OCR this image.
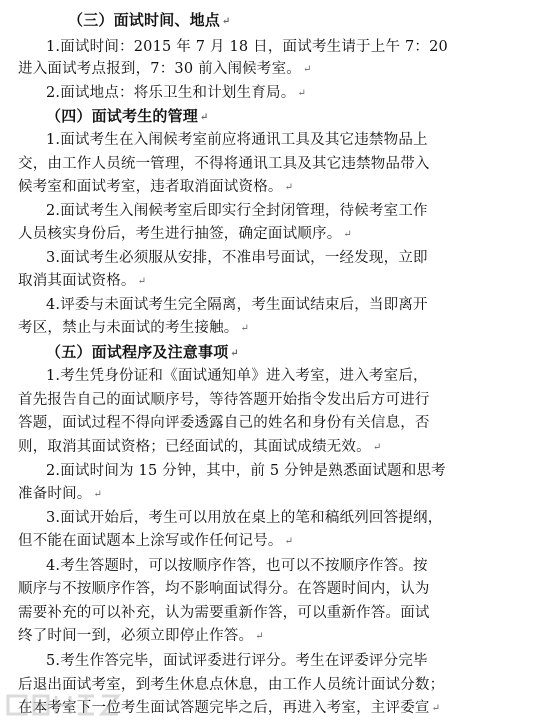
（三）面试时间、地点 ↵
1.面试时间：2015 年 7 月 18 日，面试考生请于上午 7：20
进入面试考点报到，7：30 前入闱候考室。 ↵
2.面试地点：将乐卫生和计划生育局。 ↵
（四）面试考生的管理 ↵
1.面试考生在入闱候考室前应将通讯工具及其它违禁物品上
交，由工作人员统一管理，不得将通讯工具及其它违禁物品带入
候考室和面试考室，违者取消面试资格。 ↵
2.面试考生入闱候考室后即实行全封闭管理，待候考室工作
人员核实身份后，考生进行抽签，确定面试顺序。 ↵
3.面试考生必须服从安排，不准串号面试，一经发现，立即
取消其面试资格。 ↵
4.评委与未面试考生完全隔离，考生面试结束后，当即离开
考区，禁止与未面试的考生接触。 ↵
（五）面试程序及注意事项 ↵
1.考生凭身份证和《面试通知单》进入考室，进入考室后，
首先报告自己的面试顺序号，等待答题开始指令发出后方可进行
答题，面试过程不得向评委透露自己的姓名和身份有关信息，否
则，取消其面试资格；已经面试的，其面试成绩无效。 ↵
2.面试时间为 15 分钟，其中，前 5 分钟是熟悉面试题和思考
准备时间。 ↵
3.面试开始后，考生可以用放在桌上的笔和稿纸列回答提纲，
但不能在面试题本上涂写或作任何记号。 ↵
4.考生答题时，可以按顺序作答，也可以不按顺序作答。按
顺序与不按顺序作答，均不影响面试得分。在答题时间内，认为
需要补充的可以补充，认为需要重新作答，可以重新作答。面试
终了时间一到，必须立即停止作答。 ↵
5.考生作答完毕，面试评委进行评分。考生在评委评分完毕
后退出面试考室，到考生休息点休息，由工作人员统计面试分数；
在本考室下一位考生面试答题完毕之后，再进入考室，主评委宣 ↵
